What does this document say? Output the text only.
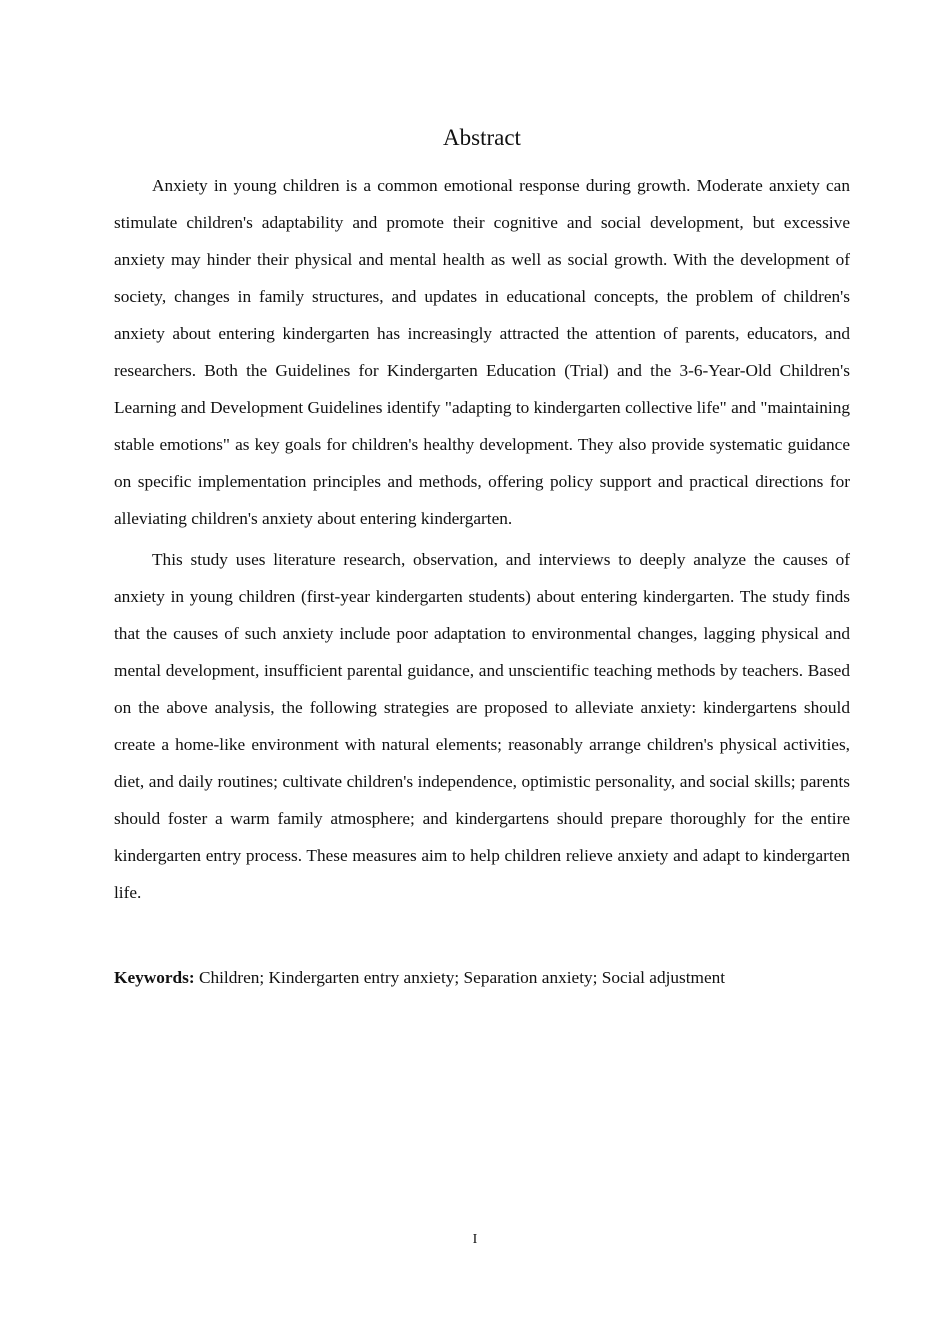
Abstract

Anxiety in young children is a common emotional response during growth. Moderate anxiety can stimulate children's adaptability and promote their cognitive and social development, but excessive anxiety may hinder their physical and mental health as well as social growth. With the development of society, changes in family structures, and updates in educational concepts, the problem of children's anxiety about entering kindergarten has increasingly attracted the attention of parents, educators, and researchers. Both the Guidelines for Kindergarten Education (Trial) and the 3-6-Year-Old Children's Learning and Development Guidelines identify "adapting to kindergarten collective life" and "maintaining stable emotions" as key goals for children's healthy development. They also provide systematic guidance on specific implementation principles and methods, offering policy support and practical directions for alleviating children's anxiety about entering kindergarten.

This study uses literature research, observation, and interviews to deeply analyze the causes of anxiety in young children (first-year kindergarten students) about entering kindergarten. The study finds that the causes of such anxiety include poor adaptation to environmental changes, lagging physical and mental development, insufficient parental guidance, and unscientific teaching methods by teachers. Based on the above analysis, the following strategies are proposed to alleviate anxiety: kindergartens should create a home-like environment with natural elements; reasonably arrange children's physical activities, diet, and daily routines; cultivate children's independence, optimistic personality, and social skills; parents should foster a warm family atmosphere; and kindergartens should prepare thoroughly for the entire kindergarten entry process. These measures aim to help children relieve anxiety and adapt to kindergarten life.

Keywords: Children; Kindergarten entry anxiety; Separation anxiety; Social adjustment

I
